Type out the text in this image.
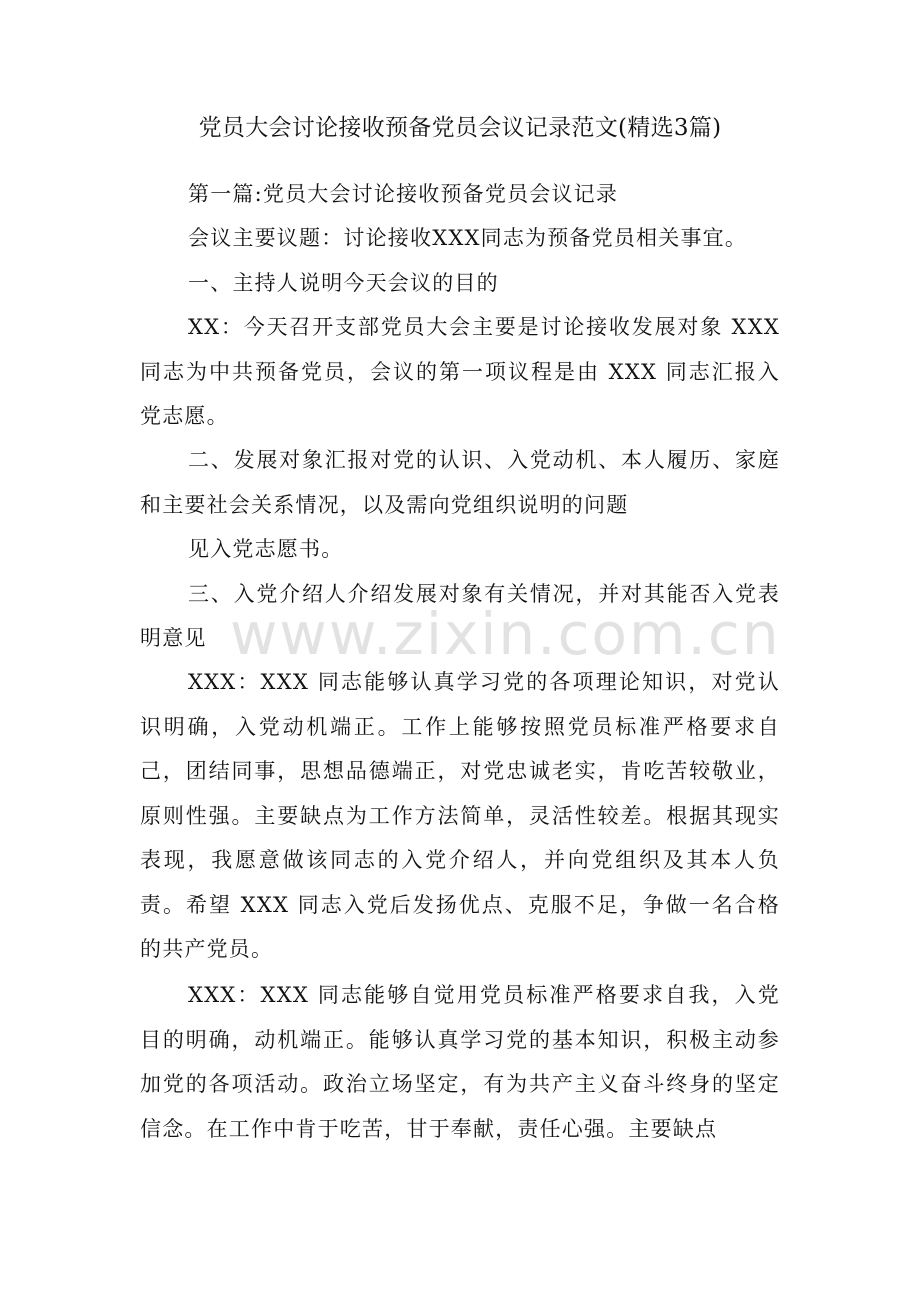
党员大会讨论接收预备党员会议记录范文(精选3篇)

第一篇:党员大会讨论接收预备党员会议记录

会议主要议题：讨论接收XXX同志为预备党员相关事宜。

一、主持人说明今天会议的目的

XX：今天召开支部党员大会主要是讨论接收发展对象 XXX 同志为中共预备党员，会议的第一项议程是由 XXX 同志汇报入党志愿。

二、发展对象汇报对党的认识、入党动机、本人履历、家庭和主要社会关系情况，以及需向党组织说明的问题

见入党志愿书。

三、入党介绍人介绍发展对象有关情况，并对其能否入党表明意见

XXX：XXX 同志能够认真学习党的各项理论知识，对党认识明确，入党动机端正。工作上能够按照党员标准严格要求自己，团结同事，思想品德端正，对党忠诚老实，肯吃苦较敬业，原则性强。主要缺点为工作方法简单，灵活性较差。根据其现实表现，我愿意做该同志的入党介绍人，并向党组织及其本人负责。希望 XXX 同志入党后发扬优点、克服不足，争做一名合格的共产党员。

XXX：XXX 同志能够自觉用党员标准严格要求自我，入党目的明确，动机端正。能够认真学习党的基本知识，积极主动参加党的各项活动。政治立场坚定，有为共产主义奋斗终身的坚定信念。在工作中肯于吃苦，甘于奉献，责任心强。主要缺点

www.zixin.com.cn
